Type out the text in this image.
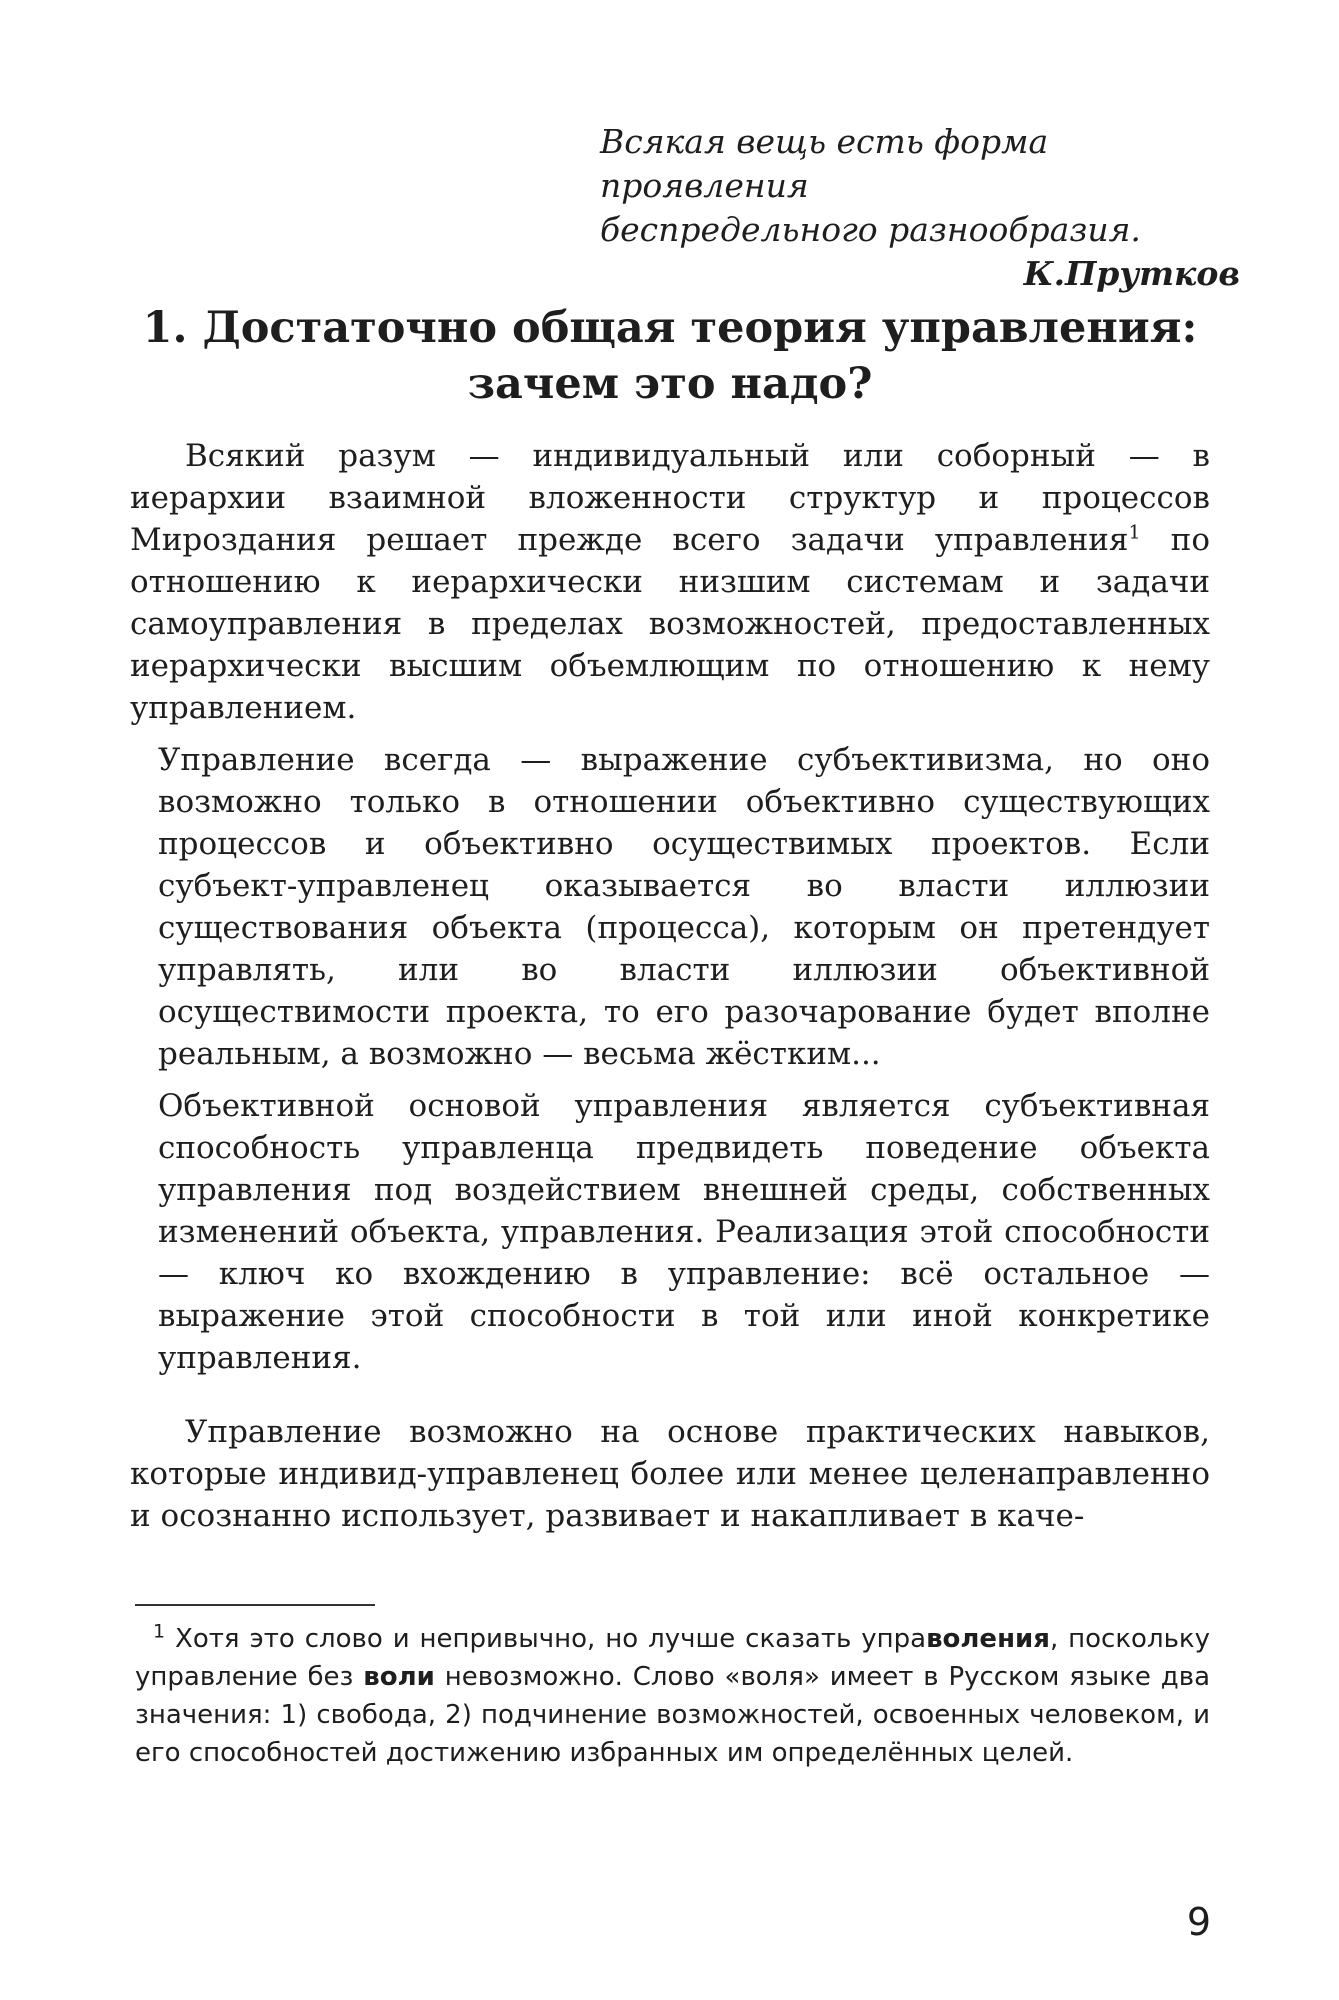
Всякая вещь есть форма проявления
беспредельного разнообразия.
К.Прутков
1. Достаточно общая теория управления:
зачем это надо?

Всякий разум — индивидуальный или соборный — в иерархии взаимной вложенности структур и процессов Мироздания решает прежде всего задачи управления$^1$ по отношению к иерархически низшим системам и задачи самоуправления в пределах возможностей, предоставленных иерархически высшим объемлющим по отношению к нему управлением.

Управление всегда — выражение субъективизма, но оно возможно только в отношении объективно существующих процессов и объективно осуществимых проектов. Если субъект-управленец оказывается во власти иллюзии существования объекта (процесса), которым он претендует управлять, или во власти иллюзии объективной осуществимости проекта, то его разочарование будет вполне реальным, а возможно — весьма жёстким...

Объективной основой управления является субъективная способность управленца предвидеть поведение объекта управления под воздействием внешней среды, собственных изменений объекта, управления. Реализация этой способности — ключ ко вхождению в управление: всё остальное — выражение этой способности в той или иной конкретике управления.

Управление возможно на основе практических навыков, которые индивид-управленец более или менее целенаправленно и осознанно использует, развивает и накапливает в каче-

$^1$ Хотя это слово и непривычно, но лучше сказать управоления, поскольку управление без воли невозможно. Слово «воля» имеет в Русском языке два значения: 1) свобода, 2) подчинение возможностей, освоенных человеком, и его способностей достижению избранных им определённых целей.

9
